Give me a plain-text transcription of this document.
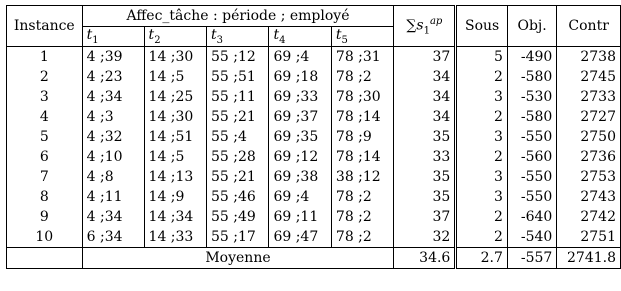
Instance	Affec_tâche : période ; employé					$\sum s_1^{ap}$	Sous	Obj.	Contr
	$t_1$	$t_2$	$t_3$	$t_4$	$t_5$
1	4 ;39	14 ;30	55 ;12	69 ;4	78 ;31	37	5	-490	2738
2	4 ;23	14 ;5	55 ;51	69 ;18	78 ;2	34	2	-580	2745
3	4 ;34	14 ;25	55 ;11	69 ;33	78 ;30	34	3	-530	2733
4	4 ;3	14 ;30	55 ;21	69 ;37	78 ;14	34	2	-580	2727
5	4 ;32	14 ;51	55 ;4	69 ;35	78 ;9	35	3	-550	2750
6	4 ;10	14 ;5	55 ;28	69 ;12	78 ;14	33	2	-560	2736
7	4 ;8	14 ;13	55 ;21	69 ;38	38 ;12	35	3	-550	2753
8	4 ;11	14 ;9	55 ;46	69 ;4	78 ;2	35	3	-550	2743
9	4 ;34	14 ;34	55 ;49	69 ;11	78 ;2	37	2	-640	2742
10	6 ;34	14 ;33	55 ;17	69 ;47	78 ;2	32	2	-540	2751
	Moyenne					34.6	2.7	-557	2741.8
